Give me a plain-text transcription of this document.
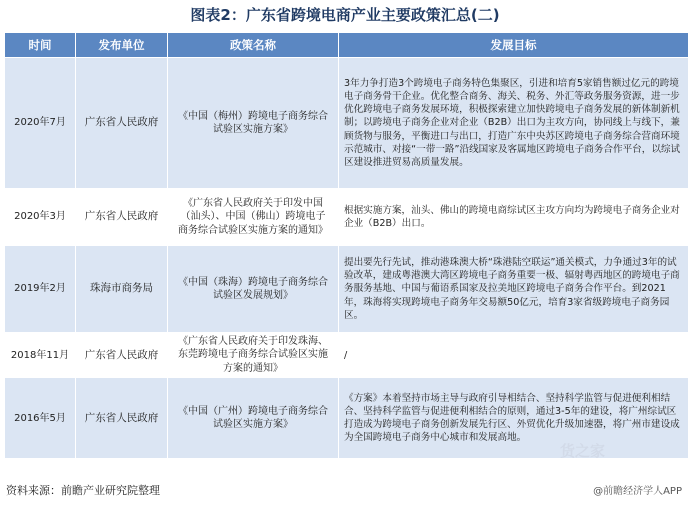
图表2：广东省跨境电商产业主要政策汇总(二)
时间	发布单位	政策名称	发展目标
2020年7月	广东省人民政府	《中国（梅州）跨境电子商务综合试验区实施方案》	3年力争打造3个跨境电子商务特色集聚区，引进和培育5家销售额过亿元的跨境电子商务骨干企业。优化整合商务、海关、税务、外汇等政务服务资源，进一步优化跨境电子商务发展环境，积极探索建立加快跨境电子商务发展的新体制新机制；以跨境电子商务企业对企业（B2B）出口为主攻方向，协同线上与线下，兼顾货物与服务，平衡进口与出口，打造广东中央苏区跨境电子商务综合营商环境示范城市、对接“一带一路”沿线国家及客属地区跨境电子商务合作平台，以综试区建设推进贸易高质量发展。
2020年3月	广东省人民政府	《广东省人民政府关于印发中国（汕头）、中国（佛山）跨境电子商务综合试验区实施方案的通知》	根据实施方案，汕头、佛山的跨境电商综试区主攻方向均为跨境电子商务企业对企业（B2B）出口。
2019年2月	珠海市商务局	《中国（珠海）跨境电子商务综合试验区发展规划》	提出要先行先试，推动港珠澳大桥“珠港陆空联运”通关模式，力争通过3年的试验改革，建成粤港澳大湾区跨境电子商务重要一极、辐射粤西地区的跨境电子商务服务基地、中国与葡语系国家及拉美地区跨境电子商务合作平台。到2021年，珠海将实现跨境电子商务年交易额50亿元，培育3家省级跨境电子商务园区。
2018年11月	广东省人民政府	《广东省人民政府关于印发珠海、东莞跨境电子商务综合试验区实施方案的通知》	/
2016年5月	广东省人民政府	《中国（广州）跨境电子商务综合试验区实施方案》	《方案》本着坚持市场主导与政府引导相结合、坚持科学监管与促进便利相结合、坚持科学监管与促进便利相结合的原则，通过3-5年的建设，将广州综试区打造成为跨境电子商务创新发展先行区、外贸优化升级加速器，将广州市建设成为全国跨境电子商务中心城市和发展高地。
货之家
资料来源：前瞻产业研究院整理	@前瞻经济学人APP
